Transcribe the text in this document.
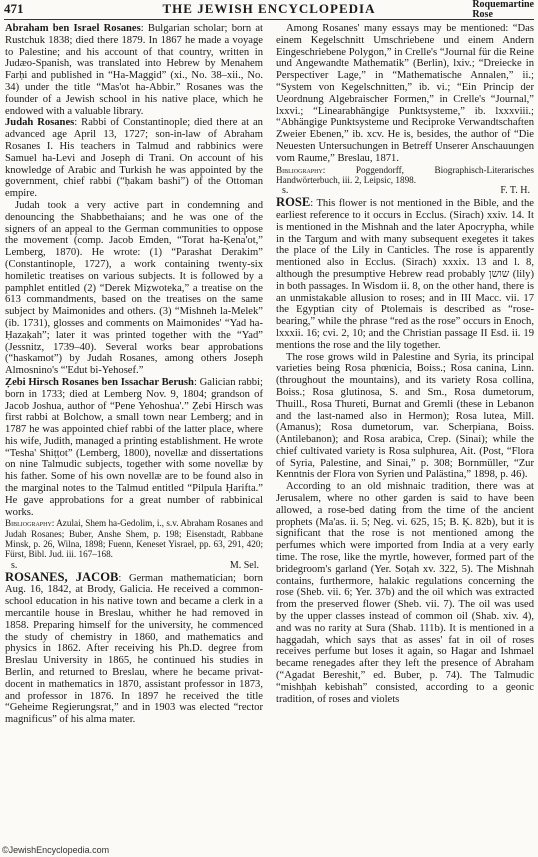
471	THE JEWISH ENCYCLOPEDIA	Roquemartine
Rose

Abraham ben Israel Rosanes: Bulgarian scholar; born at Rustchuk 1838; died there 1879. In 1867 he made a voyage to Palestine; and his account of that country, written in Judæo-Spanish, was translated into Hebrew by Menahem Farḥi and published in “Ha-Maggid” (xi., No. 38–xii., No. 34) under the title “Mas'ot ha-Abbir.” Rosanes was the founder of a Jewish school in his native place, which he endowed with a valuable library.

Judah Rosanes: Rabbi of Constantinople; died there at an advanced age April 13, 1727; son-in-law of Abraham Rosanes I. His teachers in Talmud and rabbinics were Samuel ha-Levi and Joseph di Trani. On account of his knowledge of Arabic and Turkish he was appointed by the government, chief rabbi (“ḥakam bashi”) of the Ottoman empire.

Judah took a very active part in condemning and denouncing the Shabbethaians; and he was one of the signers of an appeal to the German communities to oppose the movement (comp. Jacob Emden, “Torat ha-Ḳena'ot,” Lemberg, 1870). He wrote: (1) “Parashat Derakim” (Constantinople, 1727), a work containing twenty-six homiletic treatises on various subjects. It is followed by a pamphlet entitled (2) “Derek Miẓwoteka,” a treatise on the 613 commandments, based on the treatises on the same subject by Maimonides and others. (3) “Mishneh la-Melek” (ib. 1731), glosses and comments on Maimonides' “Yad ha-Ḥazaḳah”; later it was printed together with the “Yad” (Jessnitz, 1739–40). Several works bear approbations (“haskamot”) by Judah Rosanes, among others Joseph Almosnino's “'Edut bi-Yehosef.”

Ẓebi Hirsch Rosanes ben Issachar Berush: Galician rabbi; born in 1733; died at Lemberg Nov. 9, 1804; grandson of Jacob Joshua, author of “Pene Yehoshua'.” Ẓebi Hirsch was first rabbi at Bolchow, a small town near Lemberg; and in 1787 he was appointed chief rabbi of the latter place, where his wife, Judith, managed a printing establishment. He wrote “Tesha' Shiṭṭot” (Lemberg, 1800), novellæ and dissertations on nine Talmudic subjects, together with some novellæ by his father. Some of his own novellæ are to be found also in the marginal notes to the Talmud entitled “Pilpula Ḥarifta.” He gave approbations for a great number of rabbinical works.

Bibliography: Azulai, Shem ha-Gedolim, i., s.v. Abraham Rosanes and Judah Rosanes; Buber, Anshe Shem, p. 198; Eisenstadt, Rabbane Minsk, p. 26, Wilna, 1898; Fuenn, Keneset Yisrael, pp. 63, 291, 420; Fürst, Bibl. Jud. iii. 167–168.

s.	M. Sel.

ROSANES, JACOB: German mathematician; born Aug. 16, 1842, at Brody, Galicia. He received a common-school education in his native town and became a clerk in a mercantile house in Breslau, whither he had removed in 1858. Preparing himself for the university, he commenced the study of chemistry in 1860, and mathematics and physics in 1862. After receiving his Ph.D. degree from Breslau University in 1865, he continued his studies in Berlin, and returned to Breslau, where he became privat-docent in mathematics in 1870, assistant professor in 1873, and professor in 1876. In 1897 he received the title “Geheime Regierungsrat,” and in 1903 was elected “rector magnificus” of his alma mater.

Among Rosanes' many essays may be mentioned: “Das einem Kegelschnitt Umschriebene und einem Andern Eingeschriebene Polygon,” in Crelle's “Journal für die Reine und Angewandte Mathematik” (Berlin), lxiv.; “Dreiecke in Perspectiver Lage,” in “Mathematische Annalen,” ii.; “System von Kegelschnitten,” ib. vi.; “Ein Princip der Ueordnung Algebraischer Formen,” in Crelle's “Journal,” lxxvi.; “Linearabhängige Punktsysteme,” ib. lxxxviii.; “Abhängige Punktsysteme und Reciproke Verwandtschaften Zweier Ebenen,” ib. xcv. He is, besides, the author of “Die Neuesten Untersuchungen in Betreff Unserer Anschauungen vom Raume,” Breslau, 1871.

Bibliography: Poggendorff, Biographisch-Literarisches Handwörterbuch, iii. 2, Leipsic, 1898.

s.	F. T. H.

ROSE: This flower is not mentioned in the Bible, and the earliest reference to it occurs in Ecclus. (Sirach) xxiv. 14. It is mentioned in the Mishnah and the later Apocrypha, while in the Targum and with many subsequent exegetes it takes the place of the Lily in Canticles. The rose is apparently mentioned also in Ecclus. (Sirach) xxxix. 13 and l. 8, although the presumptive Hebrew read probably שושן (lily) in both passages. In Wisdom ii. 8, on the other hand, there is an unmistakable allusion to roses; and in III Macc. vii. 17 the Egyptian city of Ptolemais is described as “rose-bearing,” while the phrase “red as the rose” occurs in Enoch, lxxxii. 16; cvi. 2, 10; and the Christian passage II Esd. ii. 19 mentions the rose and the lily together.

The rose grows wild in Palestine and Syria, its principal varieties being Rosa phœnicia, Boiss.; Rosa canina, Linn. (throughout the mountains), and its variety Rosa collina, Boiss.; Rosa glutinosa, S. and Sm., Rosa dumetorum, Thuill., Rosa Thureti, Burnat and Gremli (these in Lebanon and the last-named also in Hermon); Rosa lutea, Mill. (Amanus); Rosa dumetorum, var. Scherpiana, Boiss. (Antilebanon); and Rosa arabica, Crep. (Sinai); while the chief cultivated variety is Rosa sulphurea, Ait. (Post, “Flora of Syria, Palestine, and Sinai,” p. 308; Bornmüller, “Zur Kenntnis der Flora von Syrien und Palästina,” 1898, p. 46).

According to an old mishnaic tradition, there was at Jerusalem, where no other garden is said to have been allowed, a rose-bed dating from the time of the ancient prophets (Ma'as. ii. 5; Neg. vi. 625, 15; B. Ḳ. 82b), but it is significant that the rose is not mentioned among the perfumes which were imported from India at a very early time. The rose, like the myrtle, however, formed part of the bridegroom's garland (Yer. Soṭah xv. 322, 5). The Mishnah contains, furthermore, halakic regulations concerning the rose (Sheb. vii. 6; Yer. 37b) and the oil which was extracted from the preserved flower (Sheb. vii. 7). The oil was used by the upper classes instead of common oil (Shab. xiv. 4), and was no rarity at Sura (Shab. 111b). It is mentioned in a haggadah, which says that as asses' fat in oil of roses receives perfume but loses it again, so Hagar and Ishmael became renegades after they left the presence of Abraham (“Agadat Bereshit,” ed. Buber, p. 74). The Talmudic “mishḥah kebishah” consisted, according to a geonic tradition, of roses and violets

©JewishEncyclopedia.com
